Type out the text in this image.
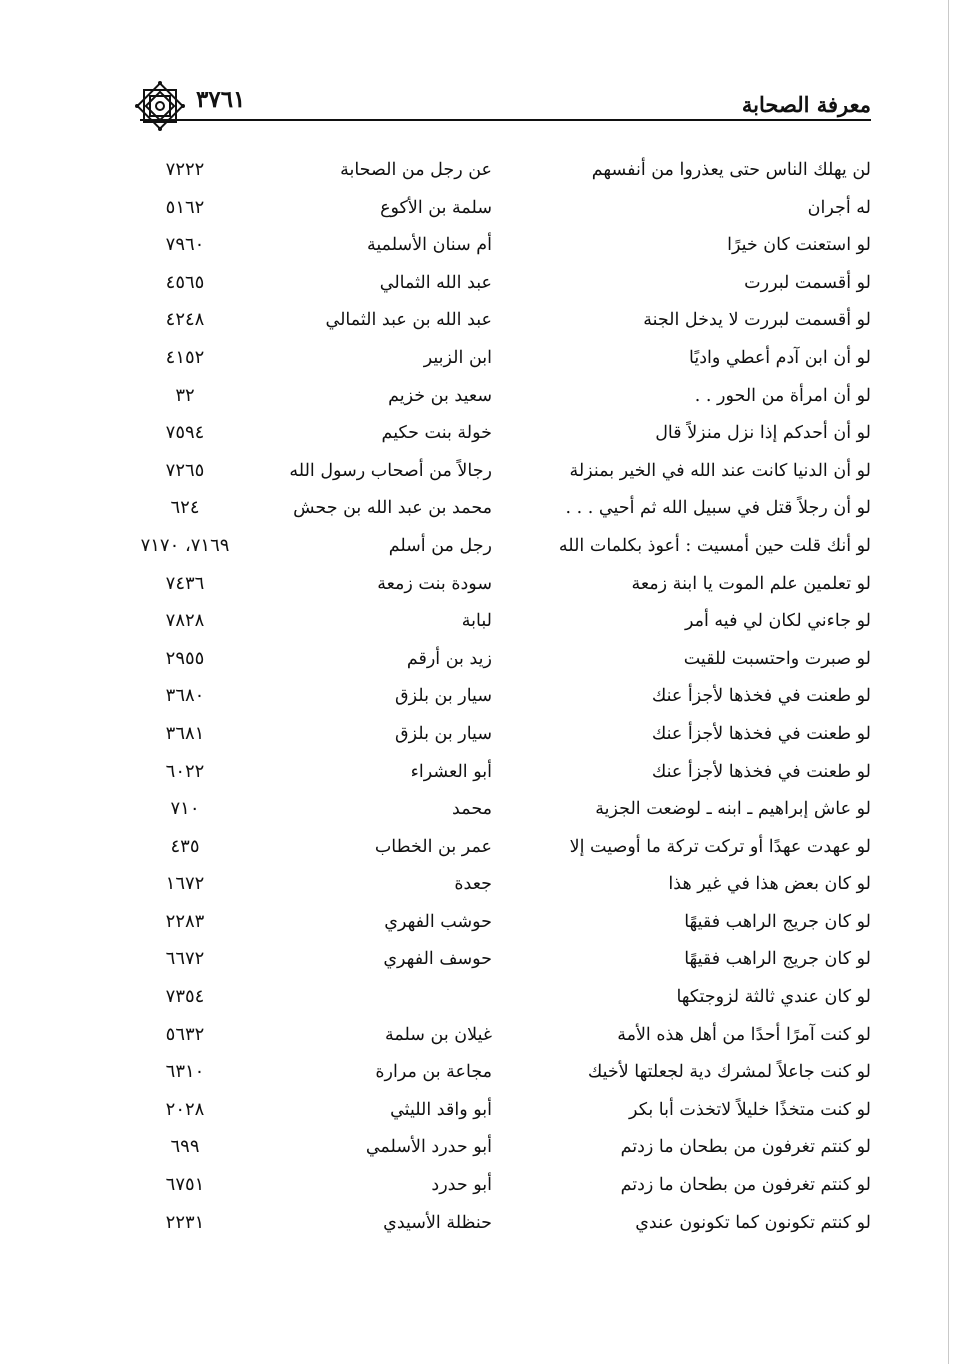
معرفة الصحابة
٣٧٦١
لن يهلك الناس حتى يعذروا من أنفسهم
عن رجل من الصحابة
٧٢٢٢
له أجران
سلمة بن الأكوع
٥١٦٢
لو استعنت كان خيرًا
أم سنان الأسلمية
٧٩٦٠
لو أقسمت لبررت
عبد الله الثمالي
٤٥٦٥
لو أقسمت لبررت لا يدخل الجنة
عبد الله بن عبد الثمالي
٤٢٤٨
لو أن ابن آدم أعطي واديًا
ابن الزبير
٤١٥٢
لو أن امرأة من الحور . .
سعيد بن خزيم
٣٢
لو أن أحدكم إذا نزل منزلاً قال
خولة بنت حكيم
٧٥٩٤
لو أن الدنيا كانت عند الله في الخير بمنزلة
رجالاً من أصحاب رسول الله
٧٢٦٥
لو أن رجلاً قتل في سبيل الله ثم أحيي . . .
محمد بن عبد الله بن جحش
٦٢٤
لو أنك قلت حين أمسيت : أعوذ بكلمات الله
رجل من أسلم
٧١٦٩، ٧١٧٠
لو تعلمين علم الموت يا ابنة زمعة
سودة بنت زمعة
٧٤٣٦
لو جاءني لكان لي فيه أمر
لبابة
٧٨٢٨
لو صبرت واحتسبت للقيت
زيد بن أرقم
٢٩٥٥
لو طعنت في فخذها لأجزأ عنك
سيار بن بلزق
٣٦٨٠
لو طعنت في فخذها لأجزأ عنك
سيار بن بلزق
٣٦٨١
لو طعنت في فخذها لأجزأ عنك
أبو العشراء
٦٠٢٢
لو عاش إبراهيم ـ ابنه ـ لوضعت الجزية
محمد
٧١٠
لو عهدت عهدًا أو تركت تركة ما أوصيت إلا
عمر بن الخطاب
٤٣٥
لو كان بعض هذا في غير هذا
جعدة
١٦٧٢
لو كان جريج الراهب فقيهًا
حوشب الفهري
٢٢٨٣
لو كان جريج الراهب فقيهًا
حوسف الفهري
٦٦٧٢
لو كان عندي ثالثة لزوجتكها
٧٣٥٤
لو كنت آمرًا أحدًا من أهل هذه الأمة
غيلان بن سلمة
٥٦٣٢
لو كنت جاعلاً لمشرك دية لجعلتها لأخيك
مجاعة بن مرارة
٦٣١٠
لو كنت متخذًا خليلاً لاتخذت أبا بكر
أبو واقد الليثي
٢٠٢٨
لو كنتم تغرفون من بطحان ما زدتم
أبو حدرد الأسلمي
٦٩٩
لو كنتم تغرفون من بطحان ما زدتم
أبو حدرد
٦٧٥١
لو كنتم تكونون كما تكونون عندي
حنظلة الأسيدي
٢٢٣١
